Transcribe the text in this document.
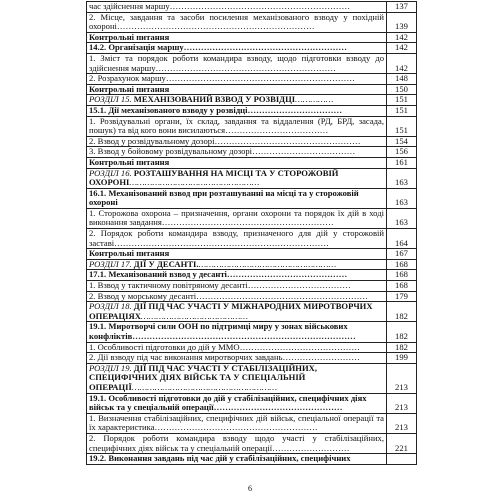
час здійснення маршу………………………………………………………	137
2. Місце, завдання та засоби посилення механізованого взводу у похідній охороні……………………………………………………………	139
Контрольні питання	142
14.2. Організація маршу…………………………………………………	142
1. Зміст та порядок роботи командира взводу, щодо підготовки взводу до здійснення маршу………………………………………………………	142
2. Розрахунок маршу…………………………………………………………	148
Контрольні питання	150
РОЗДІЛ 15. МЕХАНІЗОВАНИЙ ВЗВОД У РОЗВІДЦІ……………	151
15.1. Дії механізованого взводу у розвідці……………………………	151
1. Розвідувальні органи, їх склад, завдання та віддалення (РД, БРД, засада, пошук) та від кого вони висилаються………………………………	151
2. Взвод у розвідувальному дозорі……………………………………………	154
3. Взвод у бойовому розвідувальному дозорі………………………………	156
Контрольні питання	161
РОЗДІЛ 16. РОЗТАШУВАННЯ НА МІСЦІ ТА У СТОРОЖОВІЙ ОХОРОНІ……………………………………………	163
16.1. Механізований взвод при розташуванні на місці та у сторожовій охороні	163
1. Сторожова охорона – призначення, органи охорони та порядок їх дій в ході виконання завдання……………………………………………………	163
2. Порядок роботи командира взводу, призначеного для дій у сторожовій заставі…………………………………………………………………	164
Контрольні питання	167
РОЗДІЛ 17. ДІЇ У ДЕСАНТІ.………………………………………………	168
17.1. Механізований взвод у десанті……………………………………	168
1. Взвод у тактичному повітряному десанті………………………………	168
2. Взвод у морському десанті……………………………………………………	179
РОЗДІЛ 18. ДІЇ ПІД ЧАС УЧАСТІ У МІЖНАРОДНИХ МИРОТВОРЧИХ ОПЕРАЦІЯХ……………………………………	182
19.1. Миротворчі сили ООН по підтримці миру у зонах військових конфліктів……………………………………………………………………	182
1. Особливості підготовки до дій у ММО……………………………………	182
2. Дії взводу під час виконання миротворчих завдань………………………	199
РОЗДІЛ 19. ДІЇ ПІД ЧАС УЧАСТІ У СТАБІЛІЗАЦІЙНИХ, СПЕЦИФІЧНИХ ДІЯХ ВІЙСЬК ТА У СПЕЦІАЛЬНІЙ ОПЕРАЦІЇ…………………………………………………	213
19.1. Особливості підготовки до дій у стабілізаційних, специфічних діях військ та у спеціальній операції………………………………………	213
1. Визначення стабілізаційних, специфічних дій військ, спеціальної операції та їх характеристика…………………………………………………	213
2. Порядок роботи командира взводу щодо участі у стабілізаційних, специфічних діях військ та у спеціальній операції………………………	221
19.2. Виконання завдань під час дій у стабілізаційних, специфічних	
6
